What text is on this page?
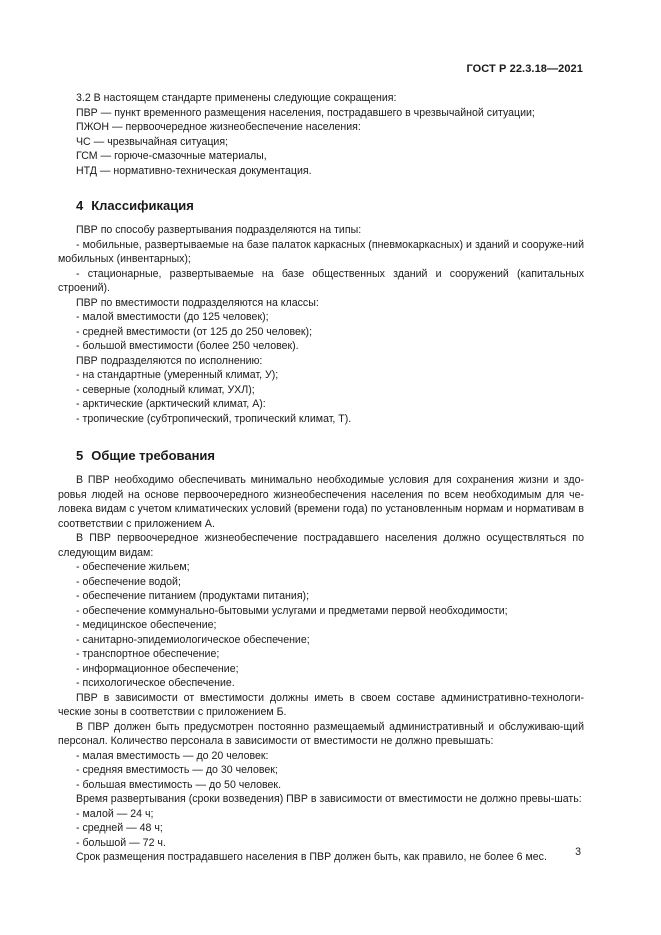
ГОСТ Р 22.3.18—2021

3.2 В настоящем стандарте применены следующие сокращения:

ПВР — пункт временного размещения населения, пострадавшего в чрезвычайной ситуации;

ПЖОН — первоочередное жизнеобеспечение населения:

ЧС — чрезвычайная ситуация;

ГСМ — горюче-смазочные материалы,

НТД — нормативно-техническая документация.

4 Классификация

ПВР по способу развертывания подразделяются на типы:

- мобильные, развертываемые на базе палаток каркасных (пневмокаркасных) и зданий и сооруже-ний мобильных (инвентарных);

- стационарные, развертываемые на базе общественных зданий и сооружений (капитальных строений).

ПВР по вместимости подразделяются на классы:

- малой вместимости (до 125 человек);

- средней вместимости (от 125 до 250 человек);

- большой вместимости (более 250 человек).

ПВР подразделяются по исполнению:

- на стандартные (умеренный климат, У);

- северные (холодный климат, УХЛ);

- арктические (арктический климат, А):

- тропические (субтропический, тропический климат, Т).

5 Общие требования

В ПВР необходимо обеспечивать минимально необходимые условия для сохранения жизни и здо-ровья людей на основе первоочередного жизнеобеспечения населения по всем необходимым для че-ловека видам с учетом климатических условий (времени года) по установленным нормам и нормативам в соответствии с приложением А.

В ПВР первоочередное жизнеобеспечение пострадавшего населения должно осуществляться по следующим видам:

- обеспечение жильем;

- обеспечение водой;

- обеспечение питанием (продуктами питания);

- обеспечение коммунально-бытовыми услугами и предметами первой необходимости;

- медицинское обеспечение;

- санитарно-эпидемиологическое обеспечение;

- транспортное обеспечение;

- информационное обеспечение;

- психологическое обеспечение.

ПВР в зависимости от вместимости должны иметь в своем составе административно-технологи-ческие зоны в соответствии с приложением Б.

В ПВР должен быть предусмотрен постоянно размещаемый административный и обслуживаю-щий персонал. Количество персонала в зависимости от вместимости не должно превышать:

- малая вместимость — до 20 человек:

- средняя вместимость — до 30 человек;

- большая вместимость — до 50 человек.

Время развертывания (сроки возведения) ПВР в зависимости от вместимости не должно превы-шать:

- малой — 24 ч;

- средней — 48 ч;

- большой — 72 ч.

Срок размещения пострадавшего населения в ПВР должен быть, как правило, не более 6 мес.	3
